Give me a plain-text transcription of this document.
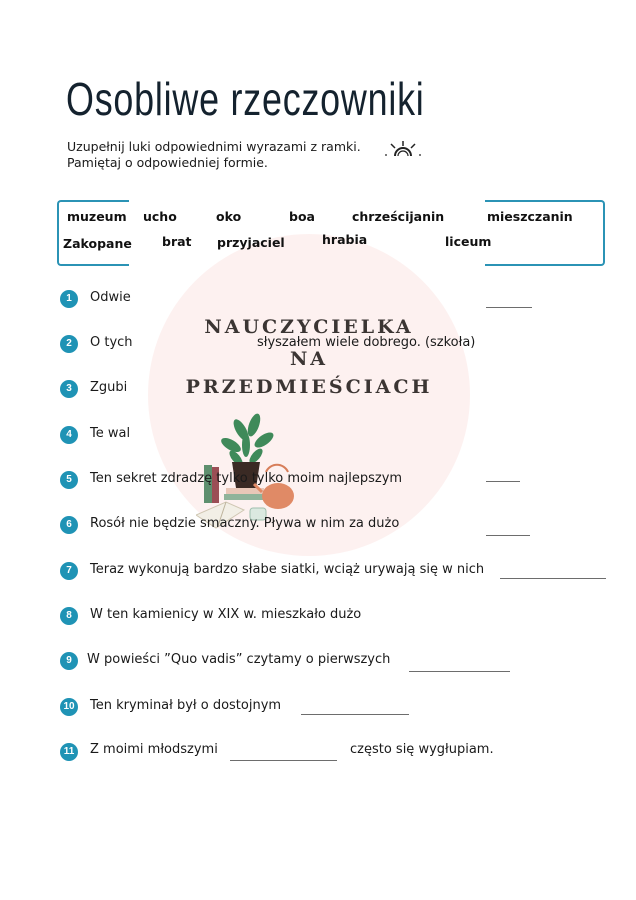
Osobliwe rzeczowniki
Uzupełnij luki odpowiednimi wyrazami z ramki.
Pamiętaj o odpowiedniej formie.
NAUCZYCIELKA
NA
PRZEDMIEŚCIACH
muzeum ucho	oko	boa	chrześcijanin	mieszczanin
Zakopane brat przyjaciel	hrabia	liceum
1	Odwie
2	O tych	słyszałem wiele dobrego. (szkoła)
3	Zgubi
4	Te wal
5	Ten sekret zdradzę tylko tylko moim najlepszym
6	Rosół nie będzie smaczny. Pływa w nim za dużo
7	Teraz wykonują bardzo słabe siatki, wciąż urywają się w nich
8	W ten kamienicy w XIX w. mieszkało dużo
9	W powieści ”Quo vadis” czytamy o pierwszych
10 Ten kryminał był o dostojnym
11 Z moimi młodszymi	często się wygłupiam.
